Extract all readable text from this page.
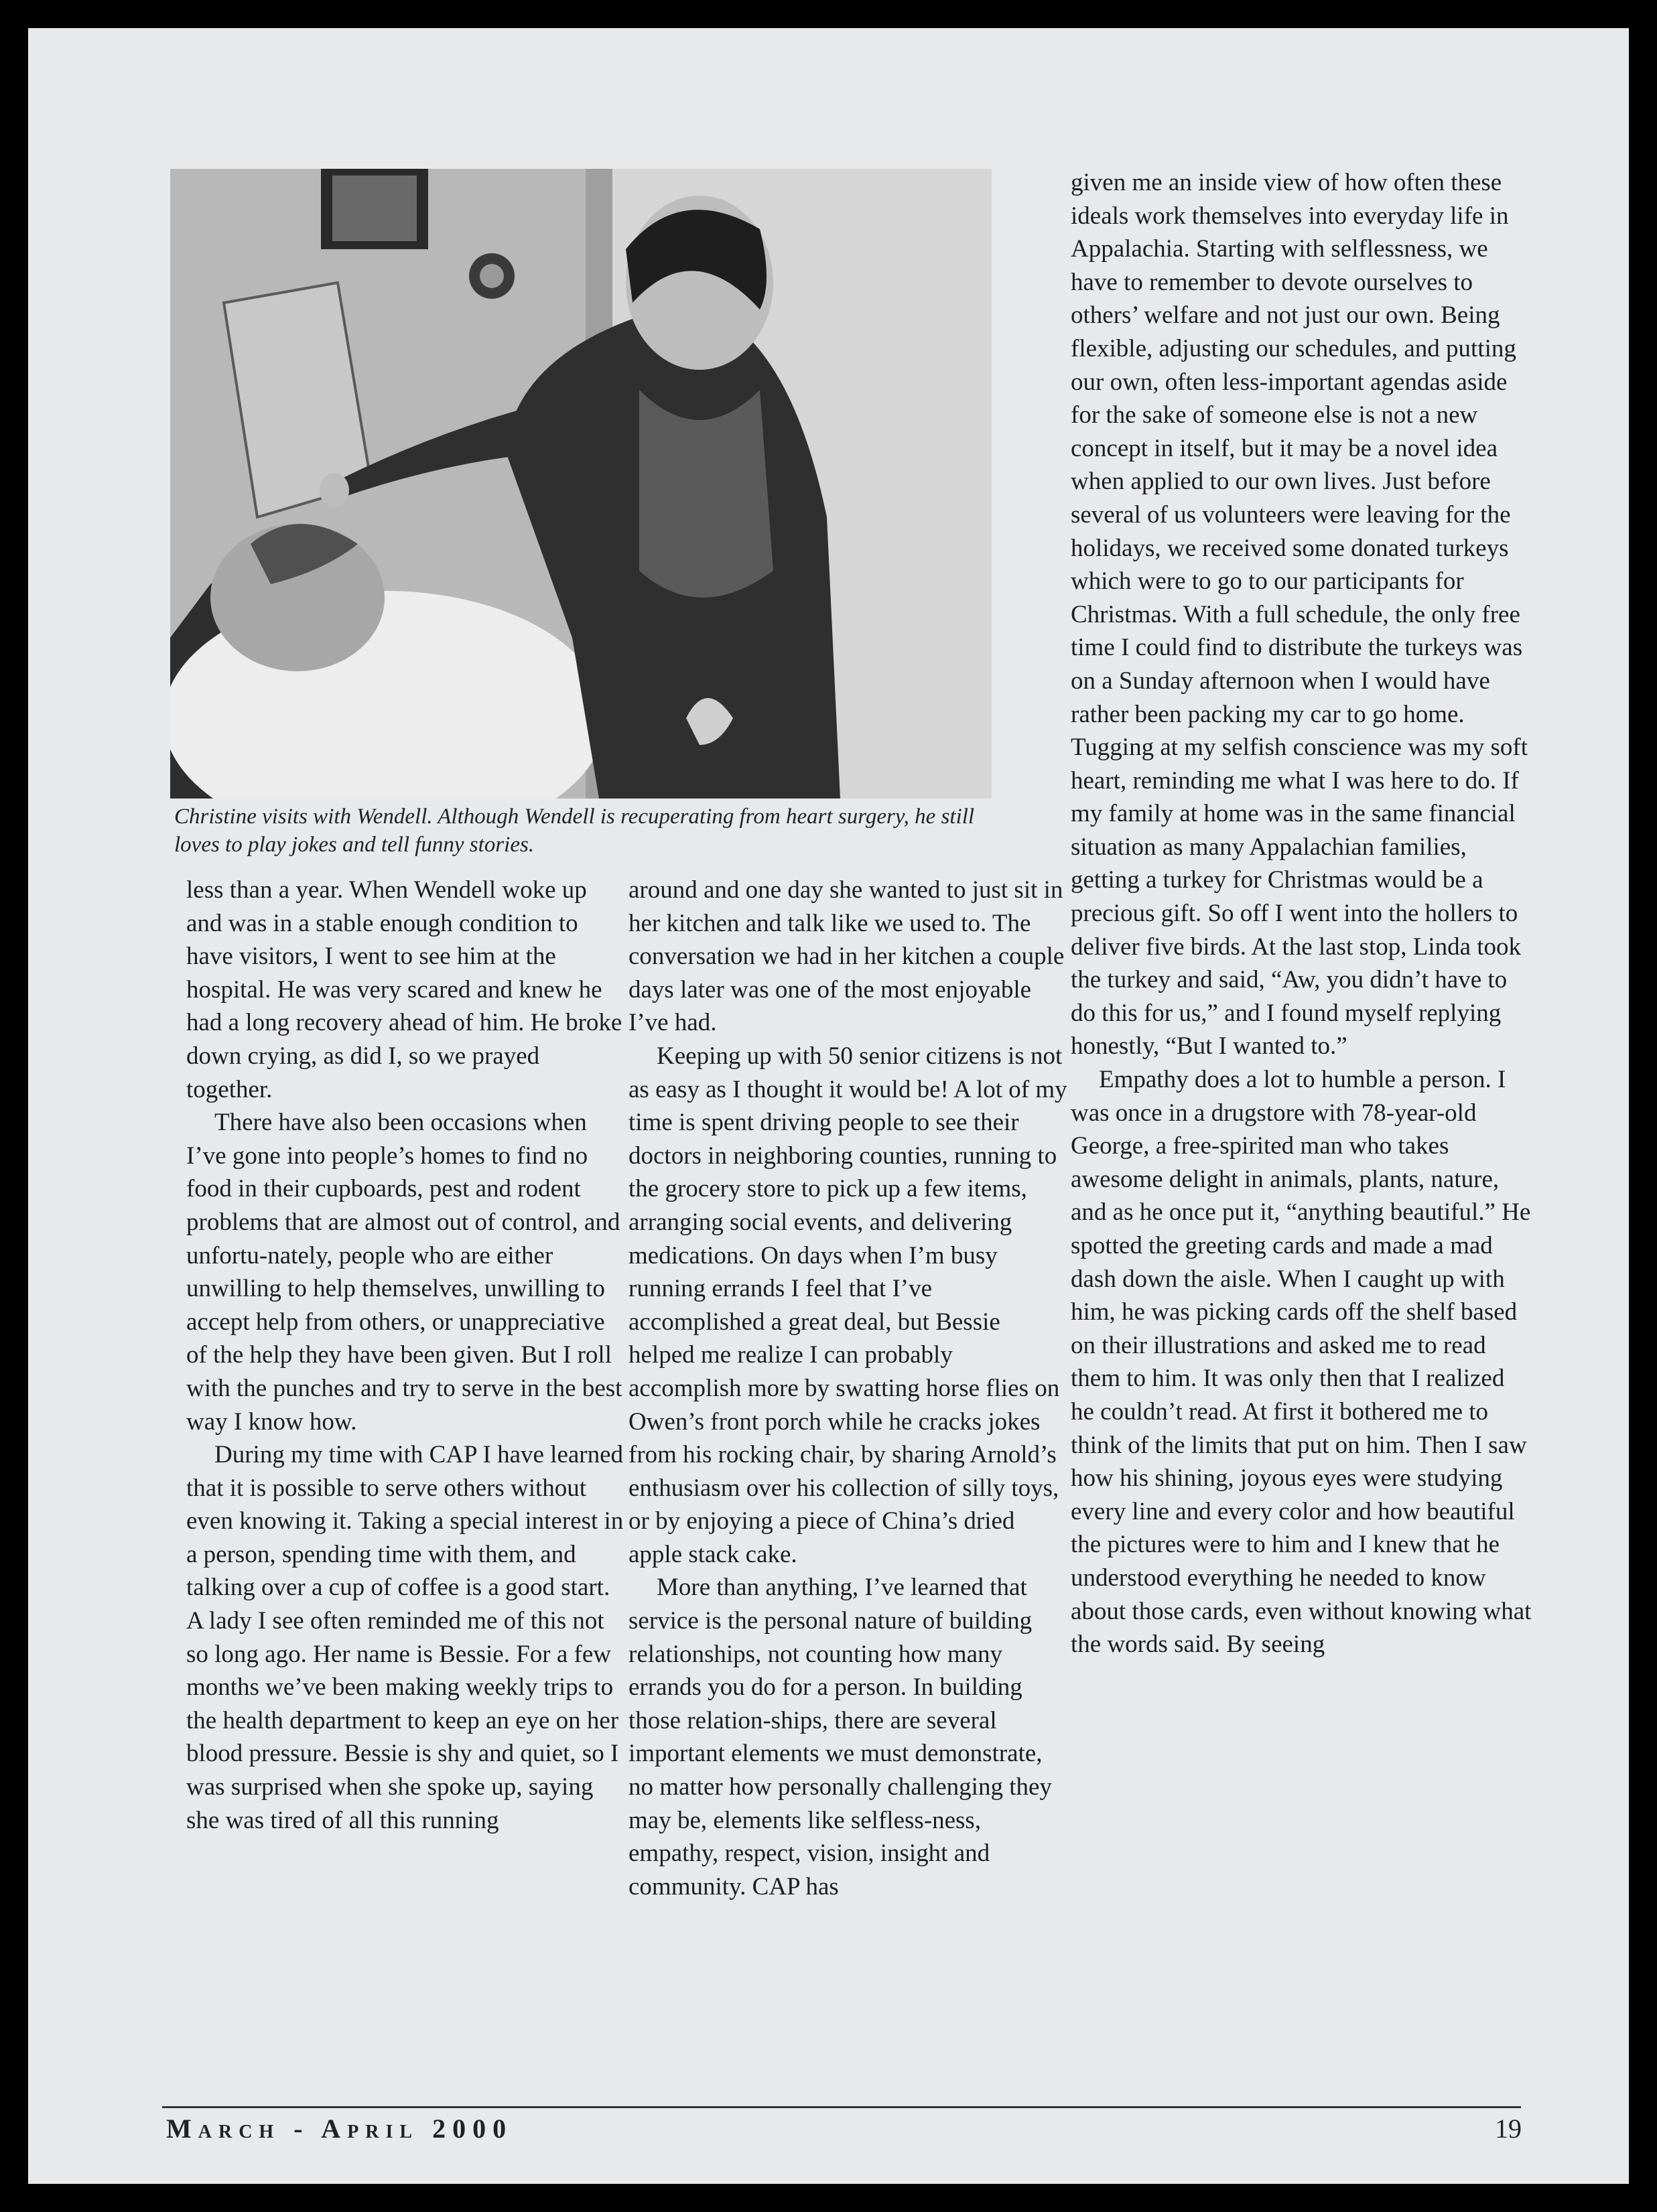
Christine visits with Wendell. Although Wendell is recuperating from heart surgery, he still loves to play jokes and tell funny stories.

less than a year. When Wendell woke up and was in a stable enough condition to have visitors, I went to see him at the hospital. He was very scared and knew he had a long recovery ahead of him. He broke down crying, as did I, so we prayed together.

There have also been occasions when I’ve gone into people’s homes to find no food in their cupboards, pest and rodent problems that are almost out of control, and unfortu-nately, people who are either unwilling to help themselves, unwilling to accept help from others, or unappreciative of the help they have been given. But I roll with the punches and try to serve in the best way I know how.

During my time with CAP I have learned that it is possible to serve others without even knowing it. Taking a special interest in a person, spending time with them, and talking over a cup of coffee is a good start. A lady I see often reminded me of this not so long ago. Her name is Bessie. For a few months we’ve been making weekly trips to the health department to keep an eye on her blood pressure. Bessie is shy and quiet, so I was surprised when she spoke up, saying she was tired of all this running

around and one day she wanted to just sit in her kitchen and talk like we used to. The conversation we had in her kitchen a couple days later was one of the most enjoyable I’ve had.

Keeping up with 50 senior citizens is not as easy as I thought it would be! A lot of my time is spent driving people to see their doctors in neighboring counties, running to the grocery store to pick up a few items, arranging social events, and delivering medications. On days when I’m busy running errands I feel that I’ve accomplished a great deal, but Bessie helped me realize I can probably accomplish more by swatting horse flies on Owen’s front porch while he cracks jokes from his rocking chair, by sharing Arnold’s enthusiasm over his collection of silly toys, or by enjoying a piece of China’s dried apple stack cake.

More than anything, I’ve learned that service is the personal nature of building relationships, not counting how many errands you do for a person. In building those relation-ships, there are several important elements we must demonstrate, no matter how personally challenging they may be, elements like selfless-ness, empathy, respect, vision, insight and community. CAP has

given me an inside view of how often these ideals work themselves into everyday life in Appalachia. Starting with selflessness, we have to remember to devote ourselves to others’ welfare and not just our own. Being flexible, adjusting our schedules, and putting our own, often less-important agendas aside for the sake of someone else is not a new concept in itself, but it may be a novel idea when applied to our own lives. Just before several of us volunteers were leaving for the holidays, we received some donated turkeys which were to go to our participants for Christmas. With a full schedule, the only free time I could find to distribute the turkeys was on a Sunday afternoon when I would have rather been packing my car to go home. Tugging at my selfish conscience was my soft heart, reminding me what I was here to do. If my family at home was in the same financial situation as many Appalachian families, getting a turkey for Christmas would be a precious gift. So off I went into the hollers to deliver five birds. At the last stop, Linda took the turkey and said, “Aw, you didn’t have to do this for us,” and I found myself replying honestly, “But I wanted to.”

Empathy does a lot to humble a person. I was once in a drugstore with 78-year-old George, a free-spirited man who takes awesome delight in animals, plants, nature, and as he once put it, “anything beautiful.” He spotted the greeting cards and made a mad dash down the aisle. When I caught up with him, he was picking cards off the shelf based on their illustrations and asked me to read them to him. It was only then that I realized he couldn’t read. At first it bothered me to think of the limits that put on him. Then I saw how his shining, joyous eyes were studying every line and every color and how beautiful the pictures were to him and I knew that he understood everything he needed to know about those cards, even without knowing what the words said. By seeing

March - April 2000	19
